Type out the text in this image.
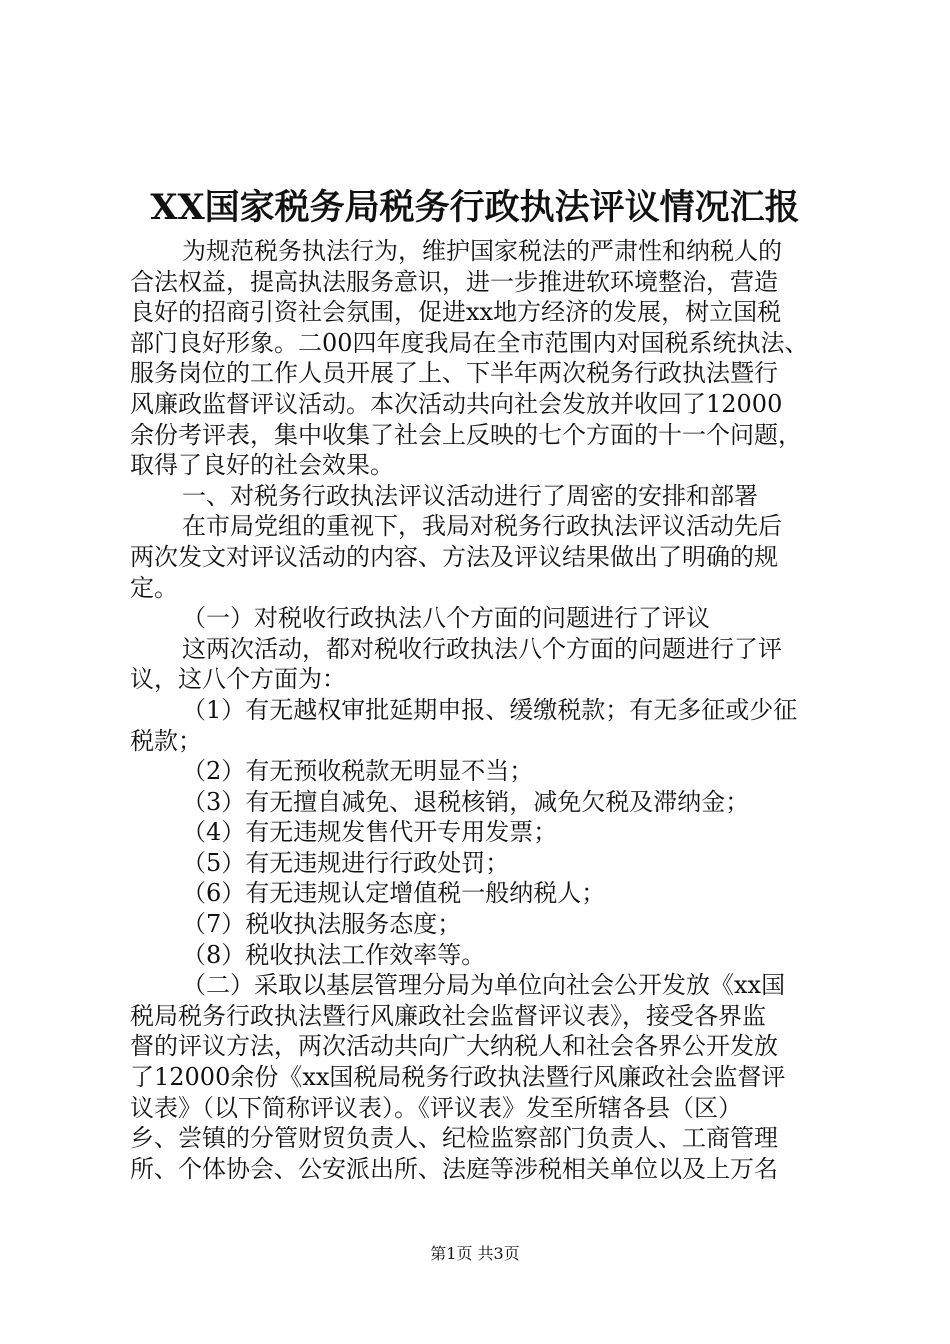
XX国家税务局税务行政执法评议情况汇报
为规范税务执法行为，维护国家税法的严肃性和纳税人的
合法权益，提高执法服务意识，进一步推进软环境整治，营造
良好的招商引资社会氛围，促进xx地方经济的发展，树立国税
部门良好形象。二00四年度我局在全市范围内对国税系统执法、
服务岗位的工作人员开展了上、下半年两次税务行政执法暨行
风廉政监督评议活动。本次活动共向社会发放并收回了12000
余份考评表，集中收集了社会上反映的七个方面的十一个问题，
取得了良好的社会效果。
一、对税务行政执法评议活动进行了周密的安排和部署
在市局党组的重视下，我局对税务行政执法评议活动先后
两次发文对评议活动的内容、方法及评议结果做出了明确的规
定。
（一）对税收行政执法八个方面的问题进行了评议
这两次活动，都对税收行政执法八个方面的问题进行了评
议，这八个方面为：
（1）有无越权审批延期申报、缓缴税款；有无多征或少征
税款；
（2）有无预收税款无明显不当；
（3）有无擅自减免、退税核销，减免欠税及滞纳金；
（4）有无违规发售代开专用发票；
（5）有无违规进行行政处罚；
（6）有无违规认定增值税一般纳税人；
（7）税收执法服务态度；
（8）税收执法工作效率等。
（二）采取以基层管理分局为单位向社会公开发放《xx国
税局税务行政执法暨行风廉政社会监督评议表》，接受各界监
督的评议方法，两次活动共向广大纳税人和社会各界公开发放
了12000余份《xx国税局税务行政执法暨行风廉政社会监督评
议表》（以下简称评议表）。《评议表》发至所辖各县（区）
乡、尝镇的分管财贸负责人、纪检监察部门负责人、工商管理
所、个体协会、公安派出所、法庭等涉税相关单位以及上万名
第1页 共3页
